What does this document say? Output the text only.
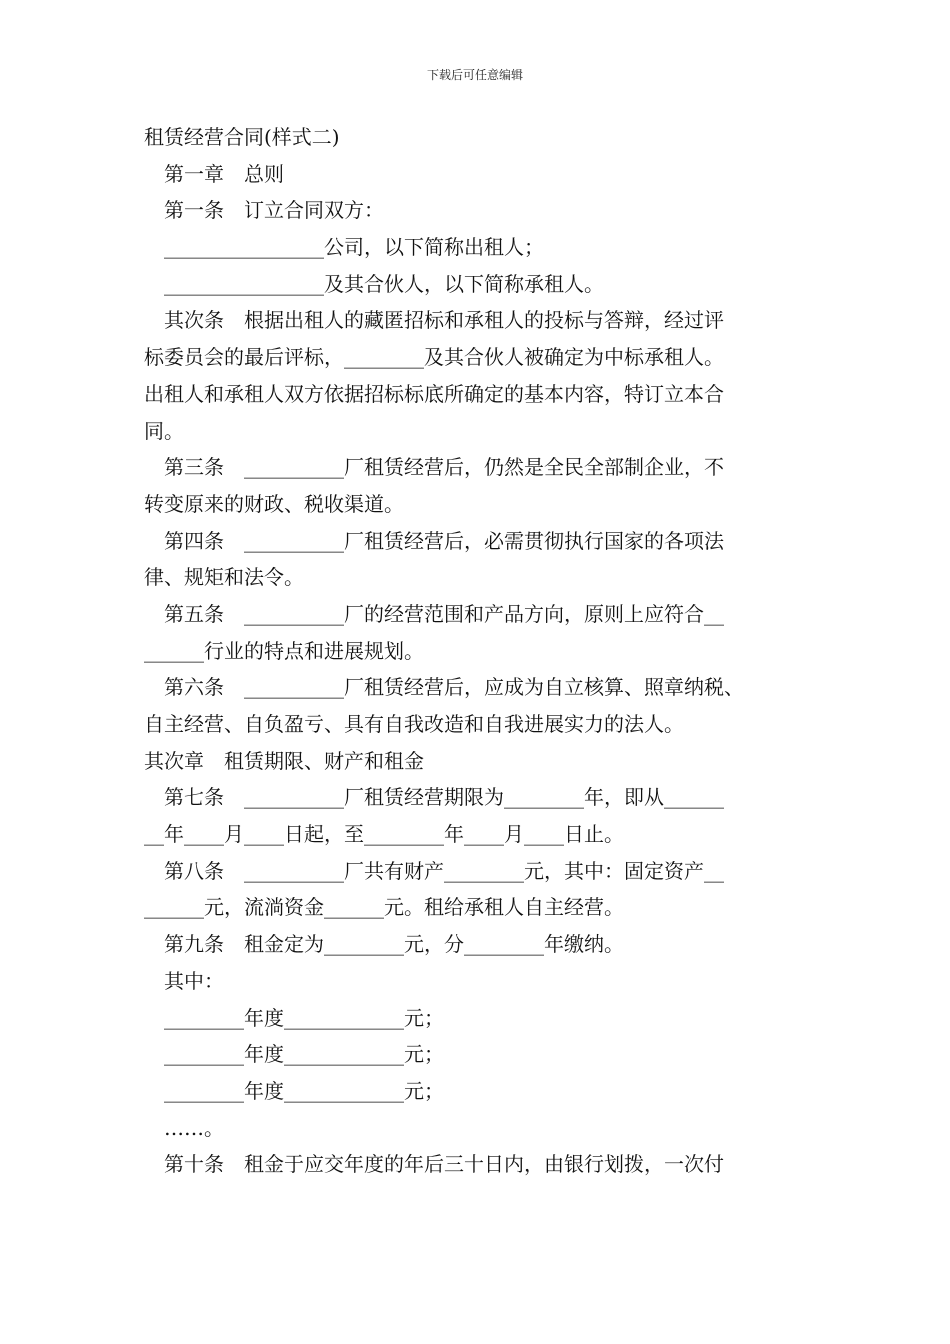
下载后可任意编辑
租赁经营合同(样式二)
第一章　总则
第一条　订立合同双方：
________________公司，以下简称出租人；
________________及其合伙人，以下简称承租人。
其次条　根据出租人的藏匿招标和承租人的投标与答辩，经过评
标委员会的最后评标，________及其合伙人被确定为中标承租人。
出租人和承租人双方依据招标标底所确定的基本内容，特订立本合
同。
第三条　__________厂租赁经营后，仍然是全民全部制企业，不
转变原来的财政、税收渠道。
第四条　__________厂租赁经营后，必需贯彻执行国家的各项法
律、规矩和法令。
第五条　__________厂的经营范围和产品方向，原则上应符合__
______行业的特点和进展规划。
第六条　__________厂租赁经营后，应成为自立核算、照章纳税、
自主经营、自负盈亏、具有自我改造和自我进展实力的法人。
其次章　租赁期限、财产和租金
第七条　__________厂租赁经营期限为________年，即从______
__年____月____日起，至________年____月____日止。
第八条　__________厂共有财产________元，其中：固定资产__
______元，流淌资金______元。租给承租人自主经营。
第九条　租金定为________元，分________年缴纳。
其中：
________年度____________元；
________年度____________元；
________年度____________元；
……。
第十条　租金于应交年度的年后三十日内，由银行划拨，一次付
